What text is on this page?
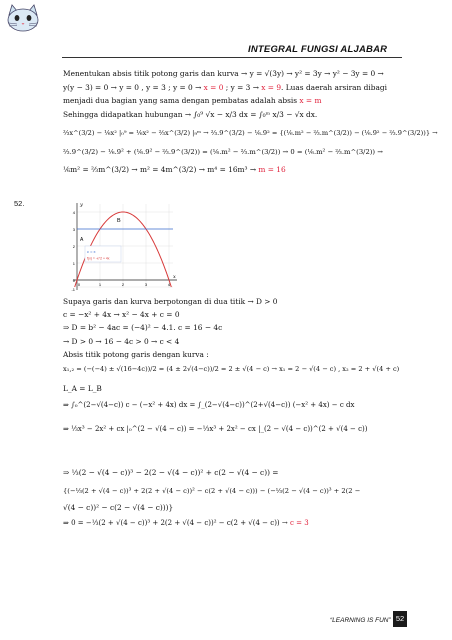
INTEGRAL FUNGSI ALJABAR
Menentukan absis titik potong garis dan kurva → y = √(3y) → y² = 3y → y² − 3y = 0 →
y(y − 3) = 0 → y = 0 , y = 3 ; y = 0 → x = 0 ; y = 3 → x = 9. Luas daerah arsiran dibagi
menjadi dua bagian yang sama dengan pembatas adalah absis x = m
Sehingga didapatkan hubungan → ∫₀⁹ √x − x/3 dx = ∫₀ᵐ x/3 − √x dx.
⅔x^(3/2) − ⅙x² |₀⁹ = ⅙x² − ⅔x^(3/2) |₉ᵐ → ⅔.9^(3/2) − ⅙.9² = {(⅙.m² − ⅔.m^(3/2)) − (⅙.9² − ⅔.9^(3/2))} →
⅔.9^(3/2) − ⅙.9² + (⅙.9² − ⅔.9^(3/2)) = (⅙.m² − ⅔.m^(3/2)) → 0 = (⅙.m² − ⅔.m^(3/2)) →
⅙m² = ⅔m^(3/2) → m² = 4m^(3/2) → m⁴ = 16m³ → m = 16
52.	y
x
4
3
2
1
0
-1
0	1	2	3	4
B
A
c = x
f(x) = -x^2 + 4x
Supaya garis dan kurva berpotongan di dua titik → D > 0
c = −x² + 4x → x² − 4x + c = 0
⇒ D = b² − 4ac = (−4)² − 4.1. c = 16 − 4c
→ D > 0 → 16 − 4c > 0 → c < 4
Absis titik potong garis dengan kurva :
x₁,₂ = (−(−4) ± √(16−4c))/2 = (4 ± 2√(4−c))/2 = 2 ± √(4 − c) → x₁ = 2 − √(4 − c) , x₂ = 2 + √(4 + c)
L_A = L_B
⇒ ∫₀^(2−√(4−c)) c − (−x² + 4x) dx = ∫_(2−√(4−c))^(2+√(4−c)) (−x² + 4x) − c dx
⇒ ⅓x³ − 2x² + cx |₀^(2 − √(4 − c)) = −⅓x³ + 2x² − cx |_(2 − √(4 − c))^(2 + √(4 − c))
⇒ ⅓(2 − √(4 − c))³ − 2(2 − √(4 − c))² + c(2 − √(4 − c)) =
{(−⅓(2 + √(4 − c))³ + 2(2 + √(4 − c))² − c(2 + √(4 − c))) − (−⅓(2 − √(4 − c))³ + 2(2 −
√(4 − c))² − c(2 − √(4 − c)))}
⇒ 0 = −⅓(2 + √(4 − c))³ + 2(2 + √(4 − c))² − c(2 + √(4 − c)) → c = 3
“LEARNING IS FUN” 52
